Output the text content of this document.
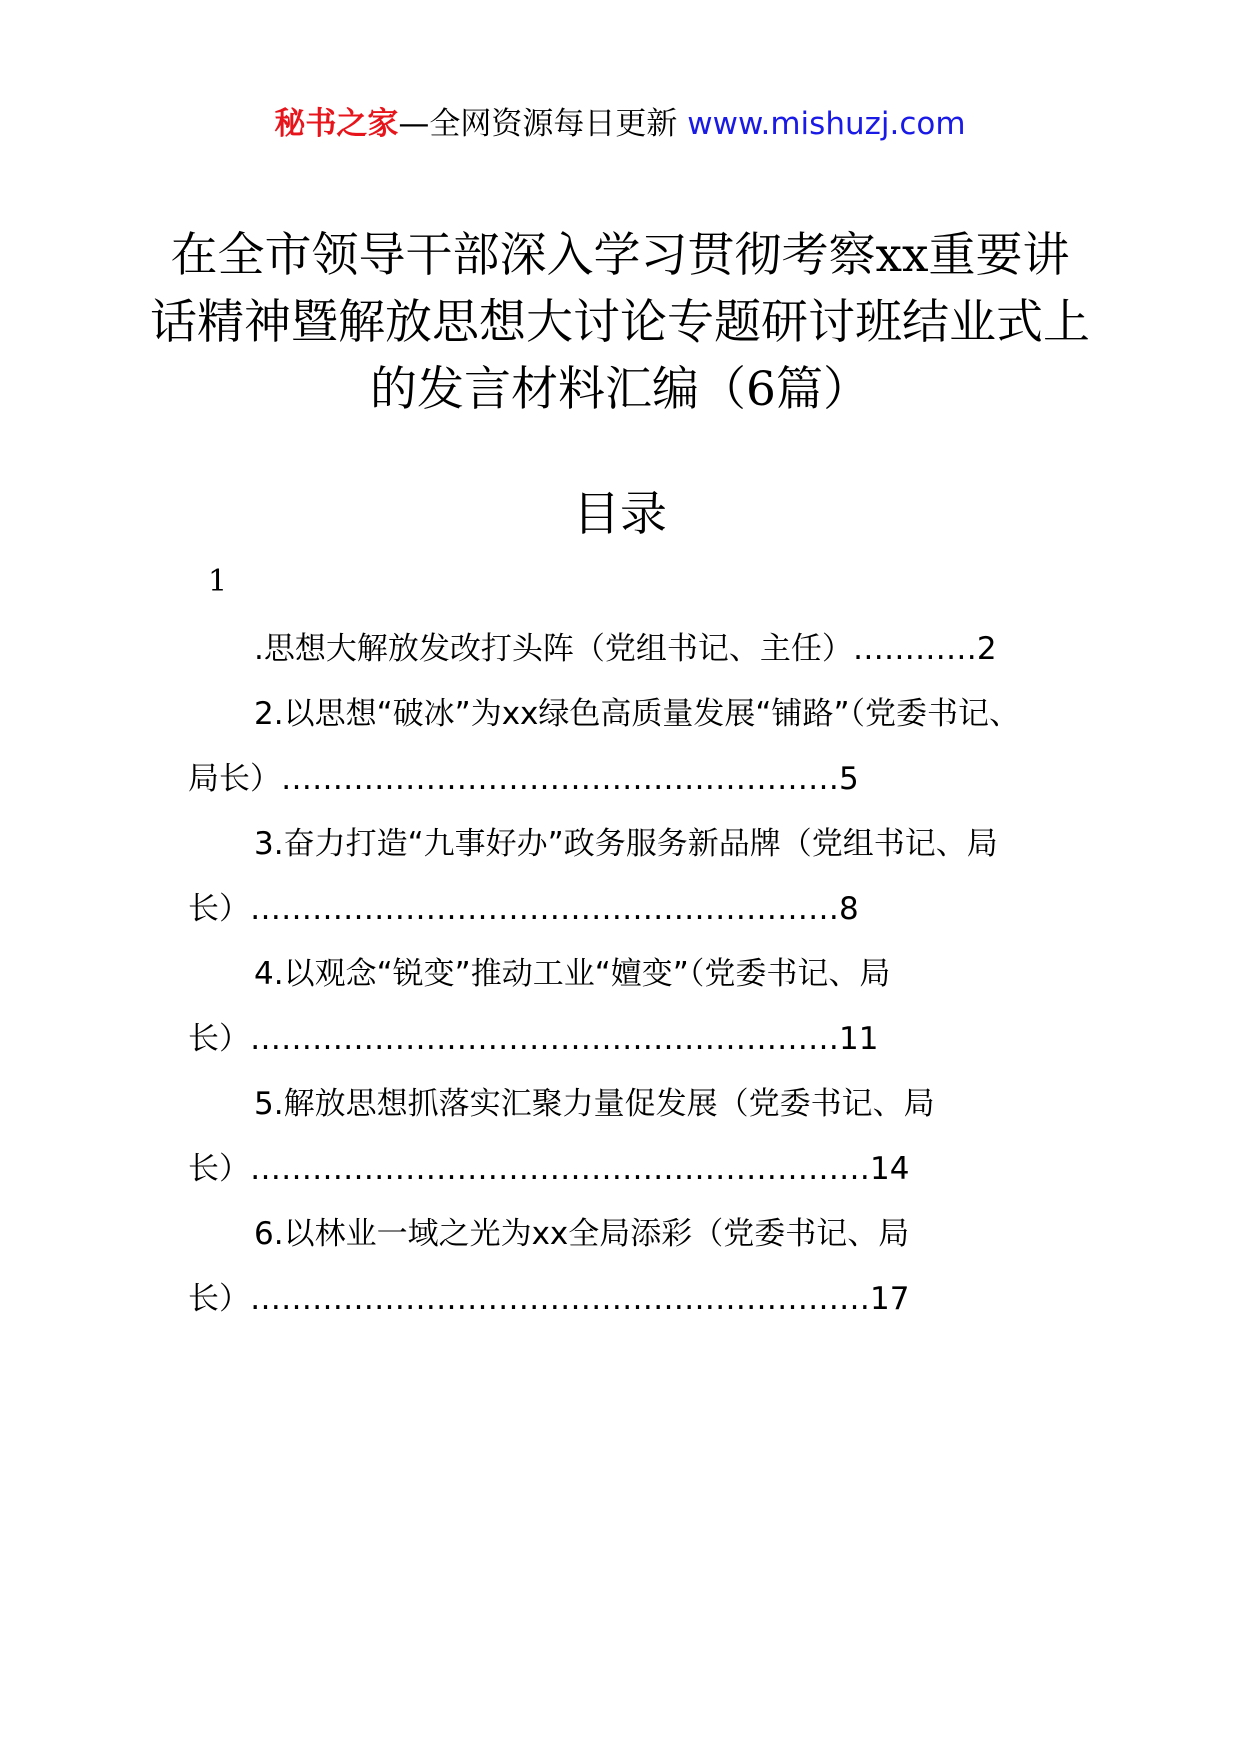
秘书之家—全网资源每日更新 www.mishuzj.com
在全市领导干部深入学习贯彻考察xx重要讲话精神暨解放思想大讨论专题研讨班结业式上的发言材料汇编（6篇）
目录
1
.思想大解放发改打头阵（党组书记、主任）…………2
2.以思想“破冰”为xx绿色高质量发展“铺路”（党委书记、局长）………………………………………………5
3.奋力打造“九事好办”政务服务新品牌（党组书记、局长）…………………………………………………8
4.以观念“锐变”推动工业“嬗变”（党委书记、局长）…………………………………………………11
5.解放思想抓落实汇聚力量促发展（党委书记、局长）……………………………………………………14
6.以林业一域之光为xx全局添彩（党委书记、局长）……………………………………………………17
